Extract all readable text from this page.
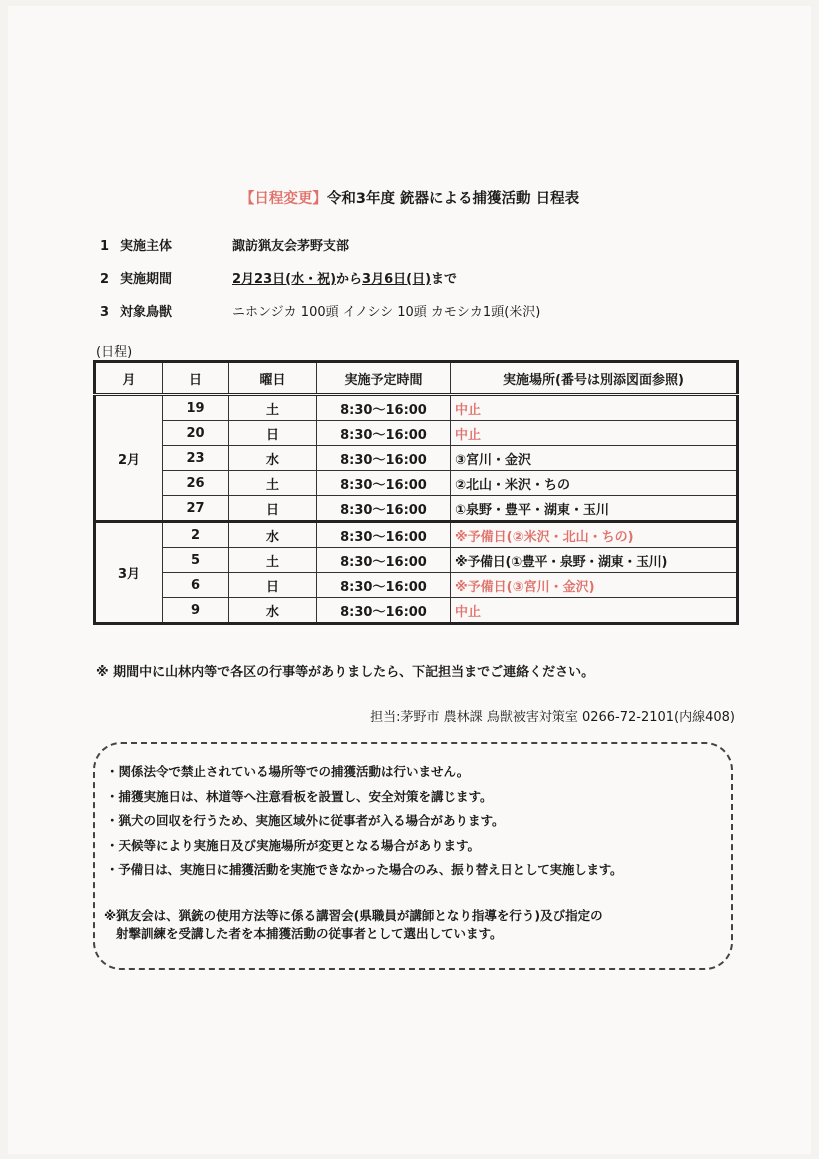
【日程変更】令和3年度 銃器による捕獲活動 日程表
1 実施主体	諏訪猟友会茅野支部
2 実施期間	2月23日(水・祝)から3月6日(日)まで
3 対象鳥獣	ニホンジカ 100頭 イノシシ 10頭 カモシカ1頭(米沢)
(日程)
月	日	曜日	実施予定時間	実施場所(番号は別添図面参照)
2月	19	土	8:30～16:00	中止
	20	日	8:30～16:00	中止
	23	水	8:30～16:00	③宮川・金沢
	26	土	8:30～16:00	②北山・米沢・ちの
	27	日	8:30～16:00	①泉野・豊平・湖東・玉川
3月	2	水	8:30～16:00	※予備日(②米沢・北山・ちの)
	5	土	8:30～16:00	※予備日(①豊平・泉野・湖東・玉川)
	6	日	8:30～16:00	※予備日(③宮川・金沢)
	9	水	8:30～16:00	中止
※ 期間中に山林内等で各区の行事等がありましたら、下記担当までご連絡ください。
担当:茅野市 農林課 鳥獣被害対策室 0266-72-2101(内線408)
・関係法令で禁止されている場所等での捕獲活動は行いません。
・捕獲実施日は、林道等へ注意看板を設置し、安全対策を講じます。
・猟犬の回収を行うため、実施区域外に従事者が入る場合があります。
・天候等により実施日及び実施場所が変更となる場合があります。
・予備日は、実施日に捕獲活動を実施できなかった場合のみ、振り替え日として実施します。
※猟友会は、猟銃の使用方法等に係る講習会(県職員が講師となり指導を行う)及び指定の
射撃訓練を受講した者を本捕獲活動の従事者として選出しています。
